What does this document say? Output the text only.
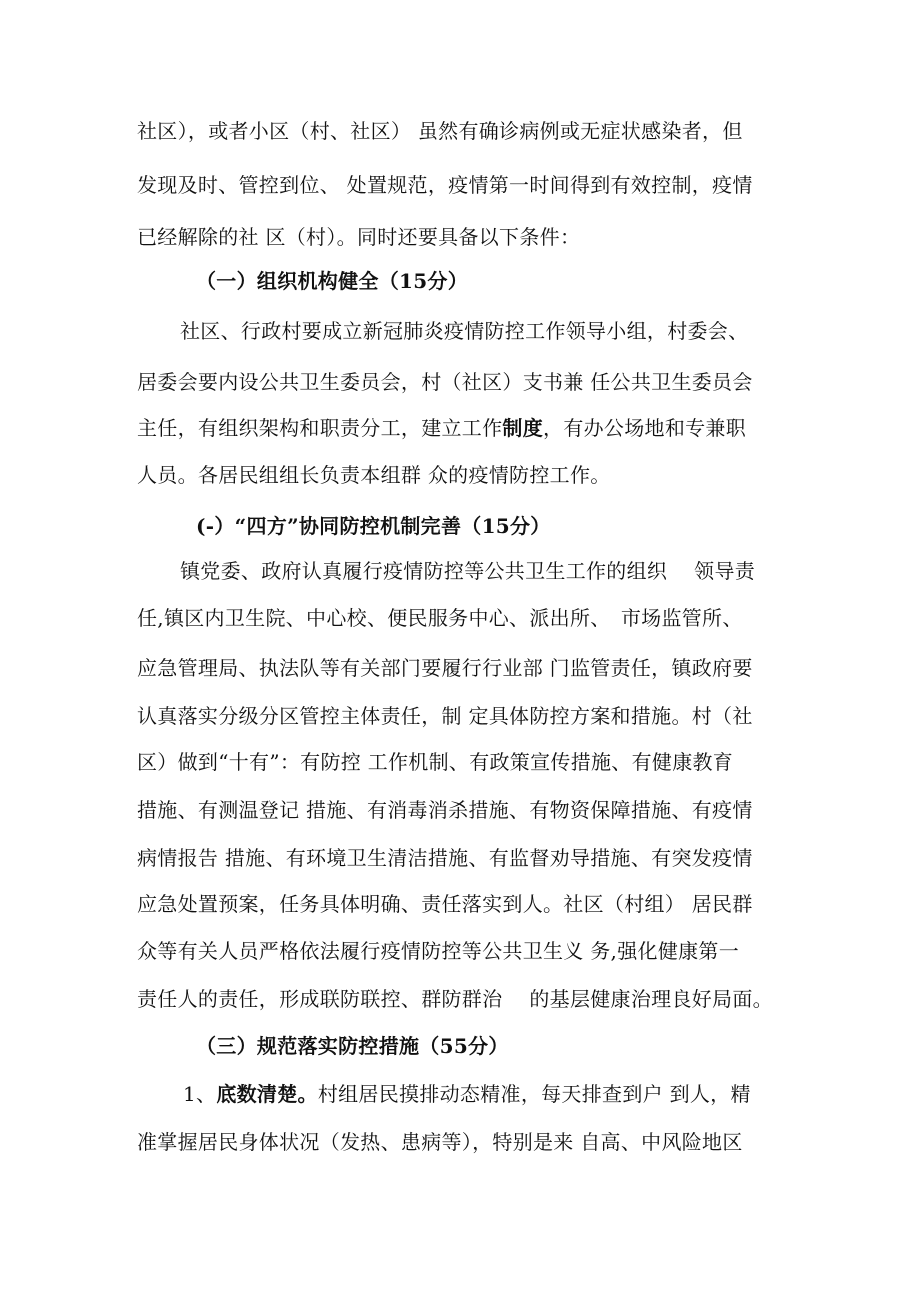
社区），或者小区（村、社区） 虽然有确诊病例或无症状感染者，但
发现及时、管控到位、 处置规范，疫情第一时间得到有效控制，疫情
已经解除的社 区（村）。同时还要具备以下条件：
（一）组织机构健全（15分）
社区、行政村要成立新冠肺炎疫情防控工作领导小组，村委会、
居委会要内设公共卫生委员会，村（社区）支书兼 任公共卫生委员会
主任，有组织架构和职责分工，建立工作制度，有办公场地和专兼职
人员。各居民组组长负责本组群 众的疫情防控工作。
(-）“四方”协同防控机制完善（15分）
镇党委、政府认真履行疫情防控等公共卫生工作的组织　 领导责
任,镇区内卫生院、中心校、便民服务中心、派出所、　市场监管所、
应急管理局、执法队等有关部门要履行行业部 门监管责任，镇政府要
认真落实分级分区管控主体责任，制 定具体防控方案和措施。村（社
区）做到“十有”：有防控 工作机制、有政策宣传措施、有健康教育
措施、有测温登记 措施、有消毒消杀措施、有物资保障措施、有疫情
病情报告 措施、有环境卫生清洁措施、有监督劝导措施、有突发疫情
应急处置预案，任务具体明确、责任落实到人。社区（村组） 居民群
众等有关人员严格依法履行疫情防控等公共卫生义 务,强化健康第一
责任人的责任，形成联防联控、群防群治　 的基层健康治理良好局面。
（三）规范落实防控措施（55分）
1、底数清楚。村组居民摸排动态精准，每天排查到户 到人，精
准掌握居民身体状况（发热、患病等），特别是来 自高、中风险地区
